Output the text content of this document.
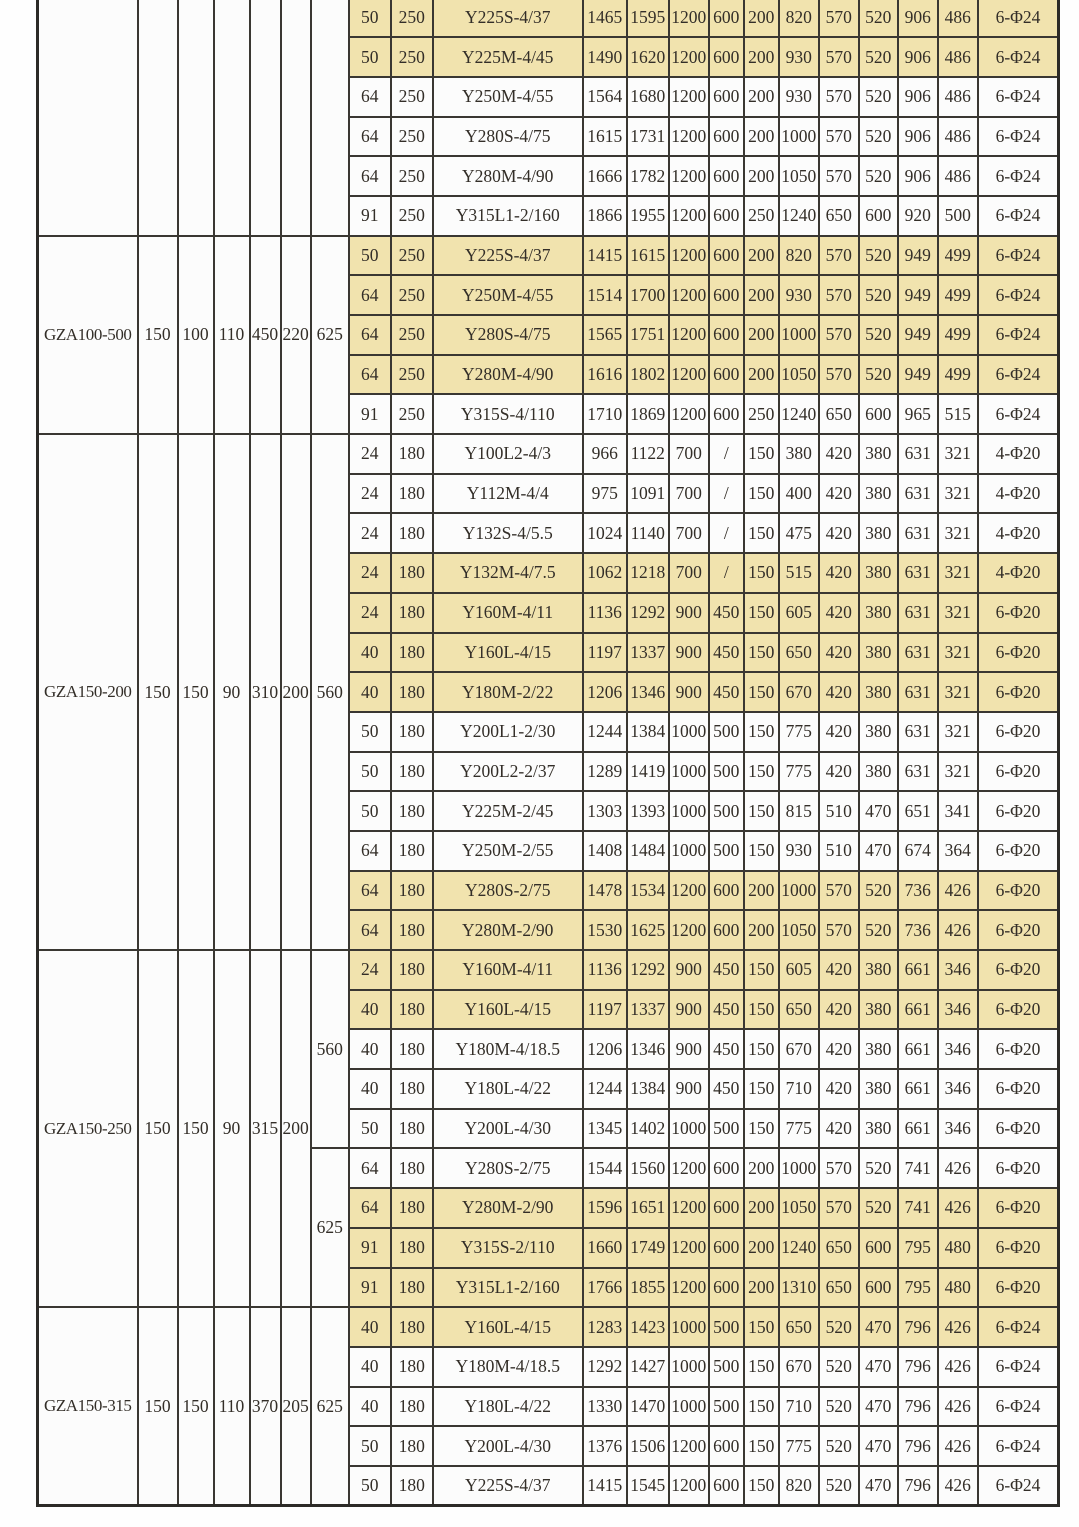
							50	250	Y225S-4/37	1465	1595	1200	600	200	820	570	520	906	486	6-Φ24
							50	250	Y225M-4/45	1490	1620	1200	600	200	930	570	520	906	486	6-Φ24
							64	250	Y250M-4/55	1564	1680	1200	600	200	930	570	520	906	486	6-Φ24
							64	250	Y280S-4/75	1615	1731	1200	600	200	1000	570	520	906	486	6-Φ24
							64	250	Y280M-4/90	1666	1782	1200	600	200	1050	570	520	906	486	6-Φ24
							91	250	Y315L1-2/160	1866	1955	1200	600	250	1240	650	600	920	500	6-Φ24
GZA100-500	150	100	110	450	220	625	50	250	Y225S-4/37	1415	1615	1200	600	200	820	570	520	949	499	6-Φ24
							64	250	Y250M-4/55	1514	1700	1200	600	200	930	570	520	949	499	6-Φ24
							64	250	Y280S-4/75	1565	1751	1200	600	200	1000	570	520	949	499	6-Φ24
							64	250	Y280M-4/90	1616	1802	1200	600	200	1050	570	520	949	499	6-Φ24
							91	250	Y315S-4/110	1710	1869	1200	600	250	1240	650	600	965	515	6-Φ24
GZA150-200	150	150	90	310	200	560	24	180	Y100L2-4/3	966	1122	700	/	150	380	420	380	631	321	4-Φ20
							24	180	Y112M-4/4	975	1091	700	/	150	400	420	380	631	321	4-Φ20
							24	180	Y132S-4/5.5	1024	1140	700	/	150	475	420	380	631	321	4-Φ20
							24	180	Y132M-4/7.5	1062	1218	700	/	150	515	420	380	631	321	4-Φ20
							24	180	Y160M-4/11	1136	1292	900	450	150	605	420	380	631	321	6-Φ20
							40	180	Y160L-4/15	1197	1337	900	450	150	650	420	380	631	321	6-Φ20
							40	180	Y180M-2/22	1206	1346	900	450	150	670	420	380	631	321	6-Φ20
							50	180	Y200L1-2/30	1244	1384	1000	500	150	775	420	380	631	321	6-Φ20
							50	180	Y200L2-2/37	1289	1419	1000	500	150	775	420	380	631	321	6-Φ20
							50	180	Y225M-2/45	1303	1393	1000	500	150	815	510	470	651	341	6-Φ20
							64	180	Y250M-2/55	1408	1484	1000	500	150	930	510	470	674	364	6-Φ20
							64	180	Y280S-2/75	1478	1534	1200	600	200	1000	570	520	736	426	6-Φ20
							64	180	Y280M-2/90	1530	1625	1200	600	200	1050	570	520	736	426	6-Φ20
GZA150-250	150	150	90	315	200	560	24	180	Y160M-4/11	1136	1292	900	450	150	605	420	380	661	346	6-Φ20
							40	180	Y160L-4/15	1197	1337	900	450	150	650	420	380	661	346	6-Φ20
							40	180	Y180M-4/18.5	1206	1346	900	450	150	670	420	380	661	346	6-Φ20
							40	180	Y180L-4/22	1244	1384	900	450	150	710	420	380	661	346	6-Φ20
							50	180	Y200L-4/30	1345	1402	1000	500	150	775	420	380	661	346	6-Φ20
						625	64	180	Y280S-2/75	1544	1560	1200	600	200	1000	570	520	741	426	6-Φ20
							64	180	Y280M-2/90	1596	1651	1200	600	200	1050	570	520	741	426	6-Φ20
							91	180	Y315S-2/110	1660	1749	1200	600	200	1240	650	600	795	480	6-Φ20
							91	180	Y315L1-2/160	1766	1855	1200	600	200	1310	650	600	795	480	6-Φ20
GZA150-315	150	150	110	370	205	625	40	180	Y160L-4/15	1283	1423	1000	500	150	650	520	470	796	426	6-Φ24
							40	180	Y180M-4/18.5	1292	1427	1000	500	150	670	520	470	796	426	6-Φ24
							40	180	Y180L-4/22	1330	1470	1000	500	150	710	520	470	796	426	6-Φ24
							50	180	Y200L-4/30	1376	1506	1200	600	150	775	520	470	796	426	6-Φ24
							50	180	Y225S-4/37	1415	1545	1200	600	150	820	520	470	796	426	6-Φ24
